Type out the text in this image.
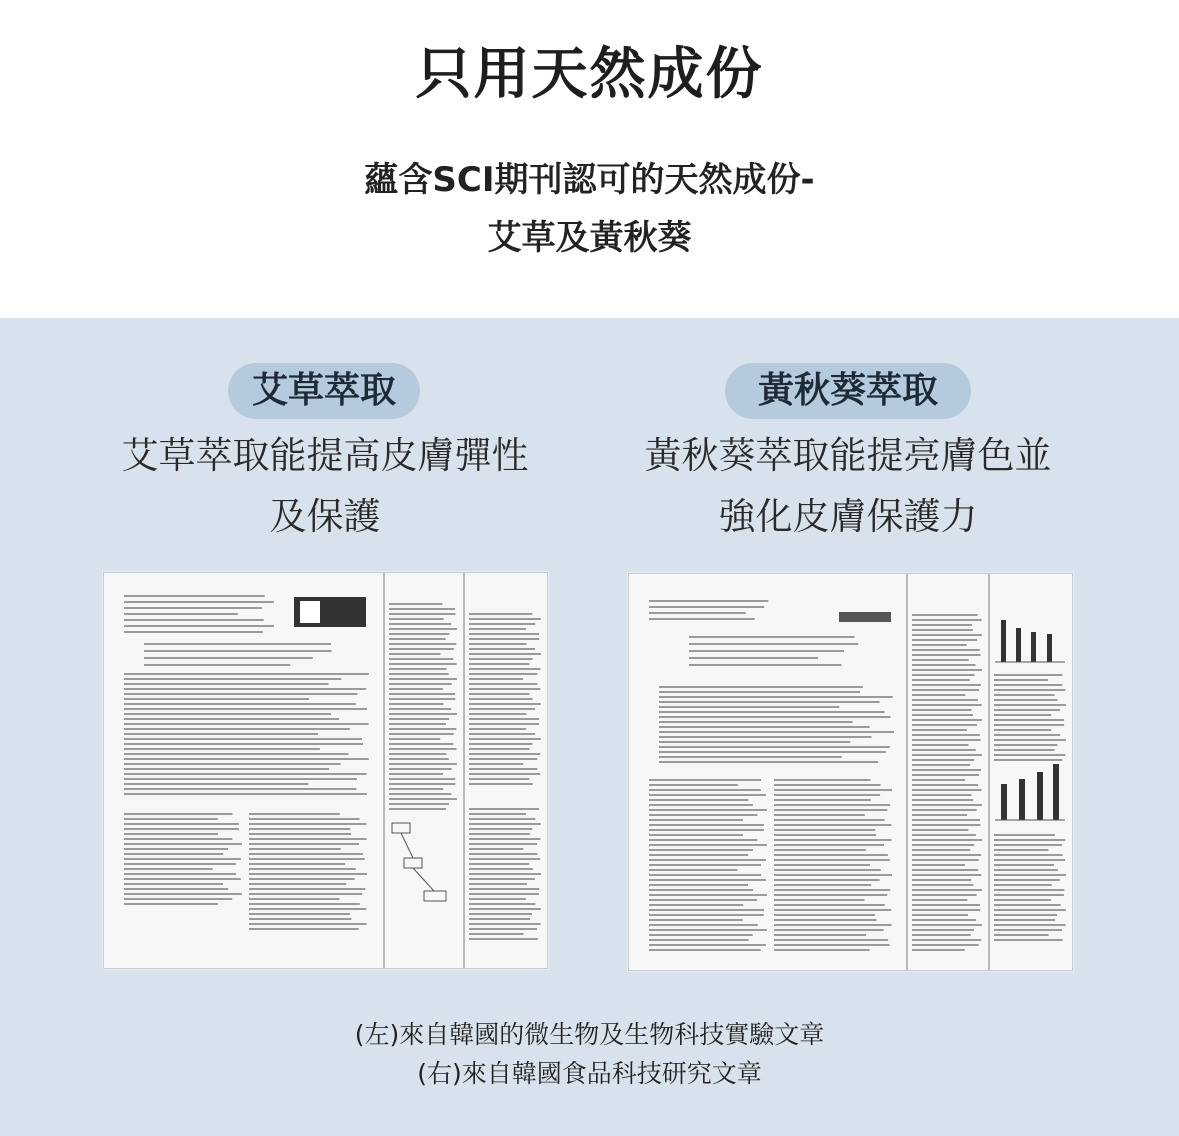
只用天然成份
蘊含SCI期刊認可的天然成份-
艾草及黃秋葵
艾草萃取	黃秋葵萃取
艾草萃取能提高皮膚彈性
及保護
黃秋葵萃取能提亮膚色並
強化皮膚保護力
(左)來自韓國的微生物及生物科技實驗文章
(右)來自韓國食品科技研究文章
